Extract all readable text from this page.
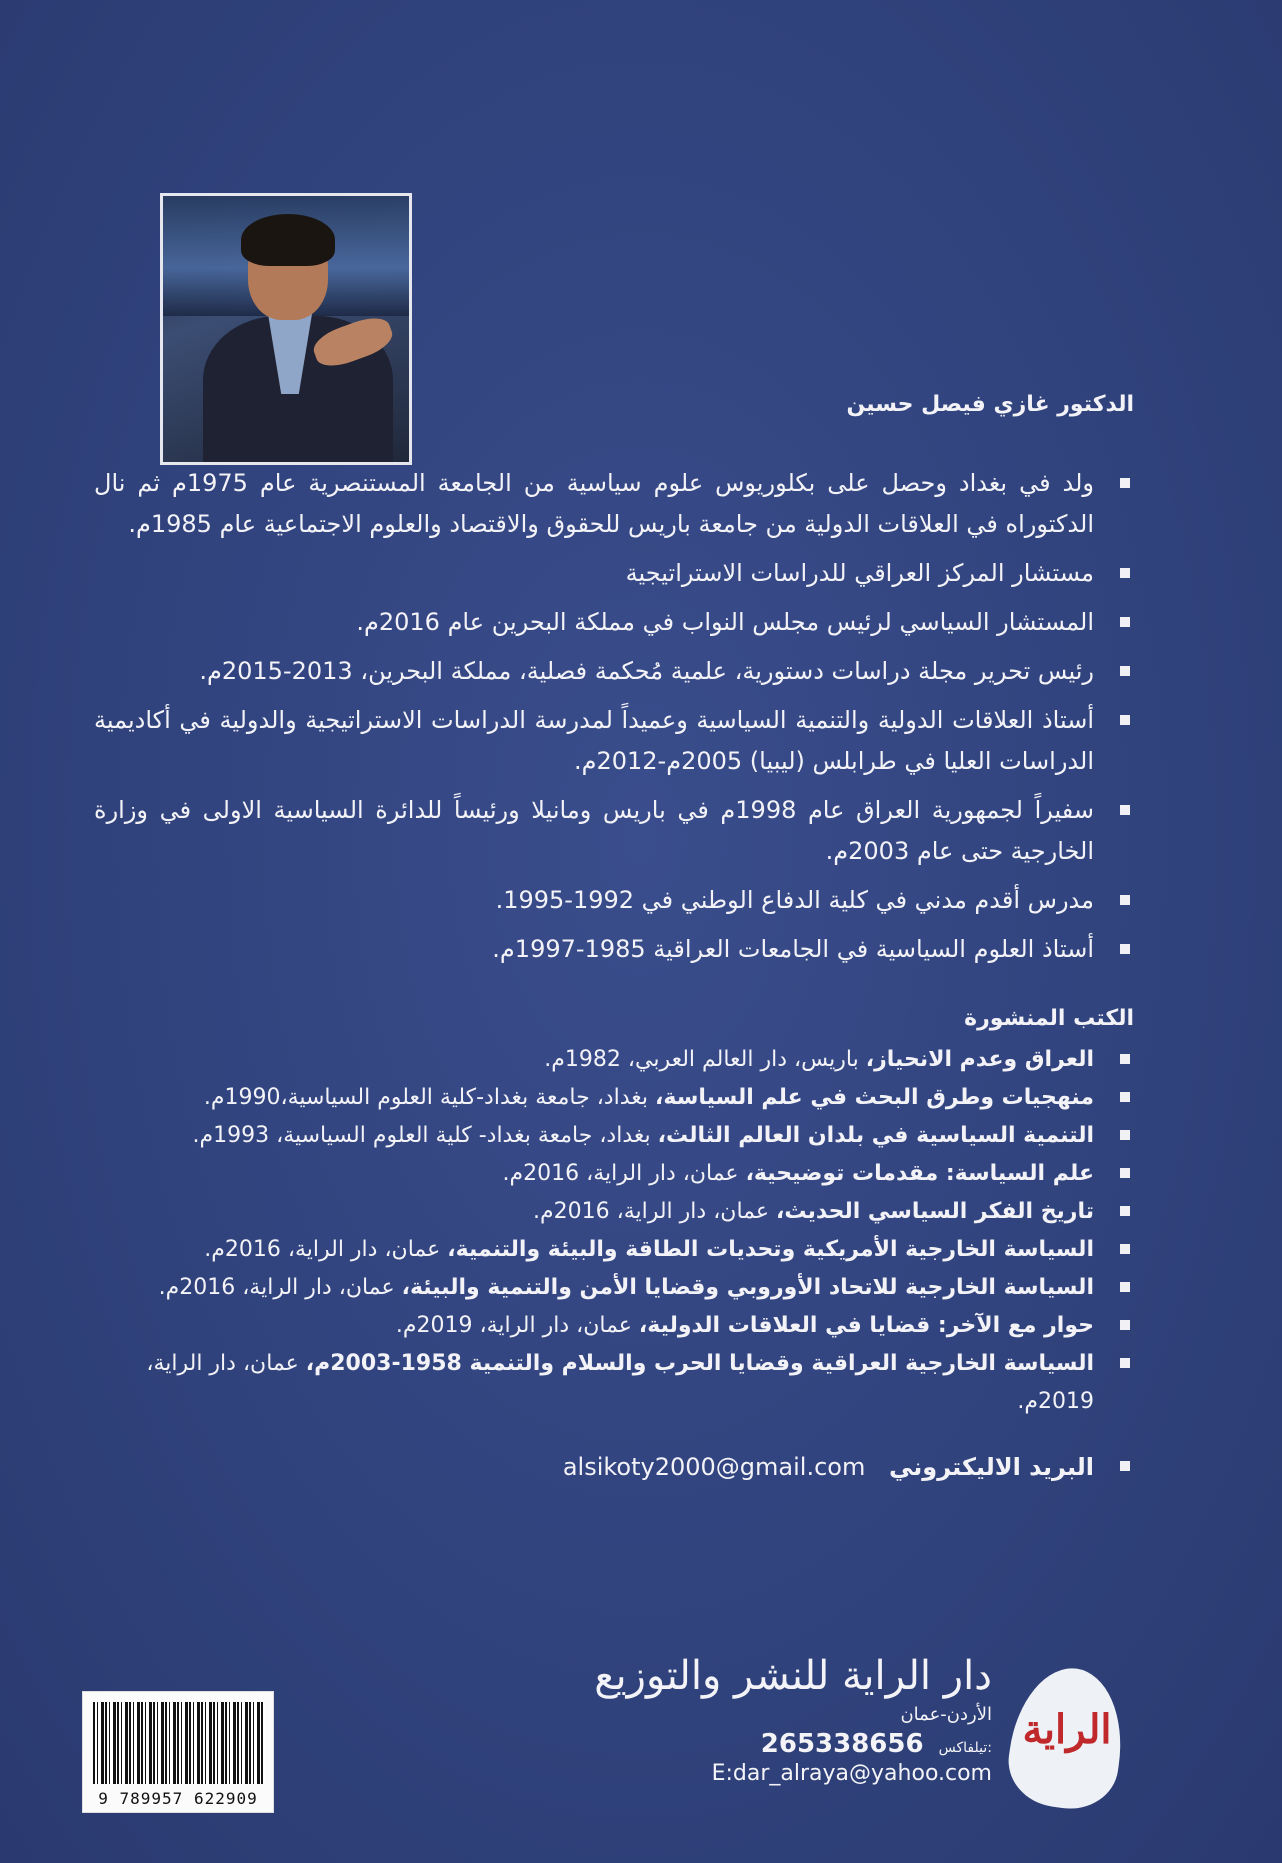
الدكتور غازي فيصل حسين
ولد في بغداد وحصل على بكلوريوس علوم سياسية من الجامعة المستنصرية عام 1975م ثم نال الدكتوراه في العلاقات الدولية من جامعة باريس للحقوق والاقتصاد والعلوم الاجتماعية عام 1985م.
مستشار المركز العراقي للدراسات الاستراتيجية
المستشار السياسي لرئيس مجلس النواب في مملكة البحرين عام 2016م.
رئيس تحرير مجلة دراسات دستورية، علمية مُحكمة فصلية، مملكة البحرين، 2013-2015م.
أستاذ العلاقات الدولية والتنمية السياسية وعميداً لمدرسة الدراسات الاستراتيجية والدولية في أكاديمية الدراسات العليا في طرابلس (ليبيا) 2005م-2012م.
سفيراً لجمهورية العراق عام 1998م في باريس ومانيلا ورئيساً للدائرة السياسية الاولى في وزارة الخارجية حتى عام 2003م.
مدرس أقدم مدني في كلية الدفاع الوطني في 1992-1995.
أستاذ العلوم السياسية في الجامعات العراقية 1985-1997م.
الكتب المنشورة
العراق وعدم الانحياز، باريس، دار العالم العربي، 1982م.
منهجيات وطرق البحث في علم السياسة، بغداد، جامعة بغداد-كلية العلوم السياسية،1990م.
التنمية السياسية في بلدان العالم الثالث، بغداد، جامعة بغداد- كلية العلوم السياسية، 1993م.
علم السياسة: مقدمات توضيحية، عمان، دار الراية، 2016م.
تاريخ الفكر السياسي الحديث، عمان، دار الراية، 2016م.
السياسة الخارجية الأمريكية وتحديات الطاقة والبيئة والتنمية، عمان، دار الراية، 2016م.
السياسة الخارجية للاتحاد الأوروبي وقضايا الأمن والتنمية والبيئة، عمان، دار الراية، 2016م.
حوار مع الآخر: قضايا في العلاقات الدولية، عمان، دار الراية، 2019م.
السياسة الخارجية العراقية وقضايا الحرب والسلام والتنمية 1958-2003م، عمان، دار الراية، 2019م.
البريد الاليكتروني alsikoty2000@gmail.com
9 789957 622909
دار الراية للنشر والتوزيع
الأردن-عمان
265338656 تيلفاكس:
E:dar_alraya@yahoo.com
الراية
